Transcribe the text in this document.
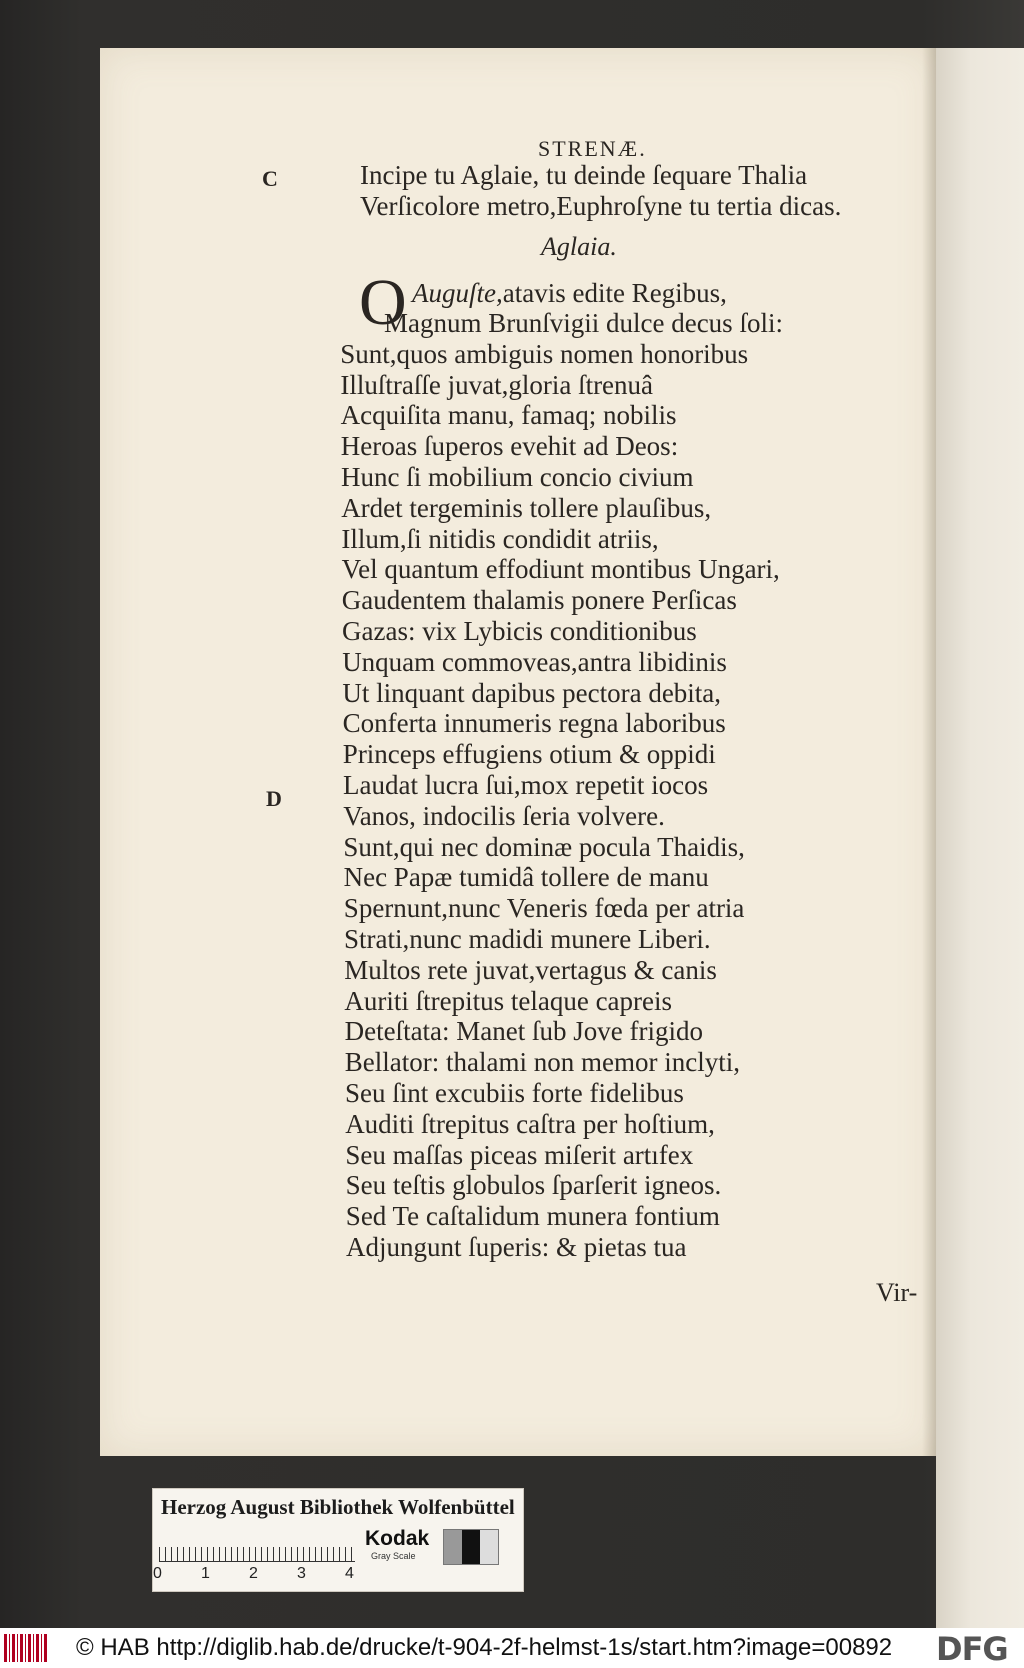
STRENÆ.
C
D
Incipe tu Aglaie, tu deinde ſequare Thalia
Verſicolore metro,Euphroſyne tu tertia dicas.
Aglaia.
O Auguſte,atavis edite Regibus,
Magnum Brunſvigii dulce decus ſoli:
Sunt,quos ambiguis nomen honoribus
Illuſtraſſe juvat,gloria ſtrenuâ
Acquiſita manu, famaq; nobilis
Heroas ſuperos evehit ad Deos:
Hunc ſi mobilium concio civium
Ardet tergeminis tollere plauſibus,
Illum,ſi nitidis condidit atriis,
Vel quantum effodiunt montibus Ungari,
Gaudentem thalamis ponere Perſicas
Gazas: vix Lybicis conditionibus
Unquam commoveas,antra libidinis
Ut linquant dapibus pectora debita,
Conferta innumeris regna laboribus
Princeps effugiens otium & oppidi
Laudat lucra ſui,mox repetit iocos
Vanos, indocilis ſeria volvere.
Sunt,qui nec dominæ pocula Thaidis,
Nec Papæ tumidâ tollere de manu
Spernunt,nunc Veneris fœda per atria
Strati,nunc madidi munere Liberi.
Multos rete juvat,vertagus & canis
Auriti ſtrepitus telaque capreis
Deteſtata: Manet ſub Jove frigido
Bellator: thalami non memor inclyti,
Seu ſint excubiis forte fidelibus
Auditi ſtrepitus caſtra per hoſtium,
Seu maſſas piceas miſerit artıfex
Seu teſtis globulos ſparſerit igneos.
Sed Te caſtalidum munera fontium
Adjungunt ſuperis: & pietas tua
Vir-
Herzog August Bibliothek Wolfenbüttel
0 1 2 3 4
Kodak
Gray Scale
© HAB http://diglib.hab.de/drucke/t-904-2f-helmst-1s/start.htm?image=00892 DFG
